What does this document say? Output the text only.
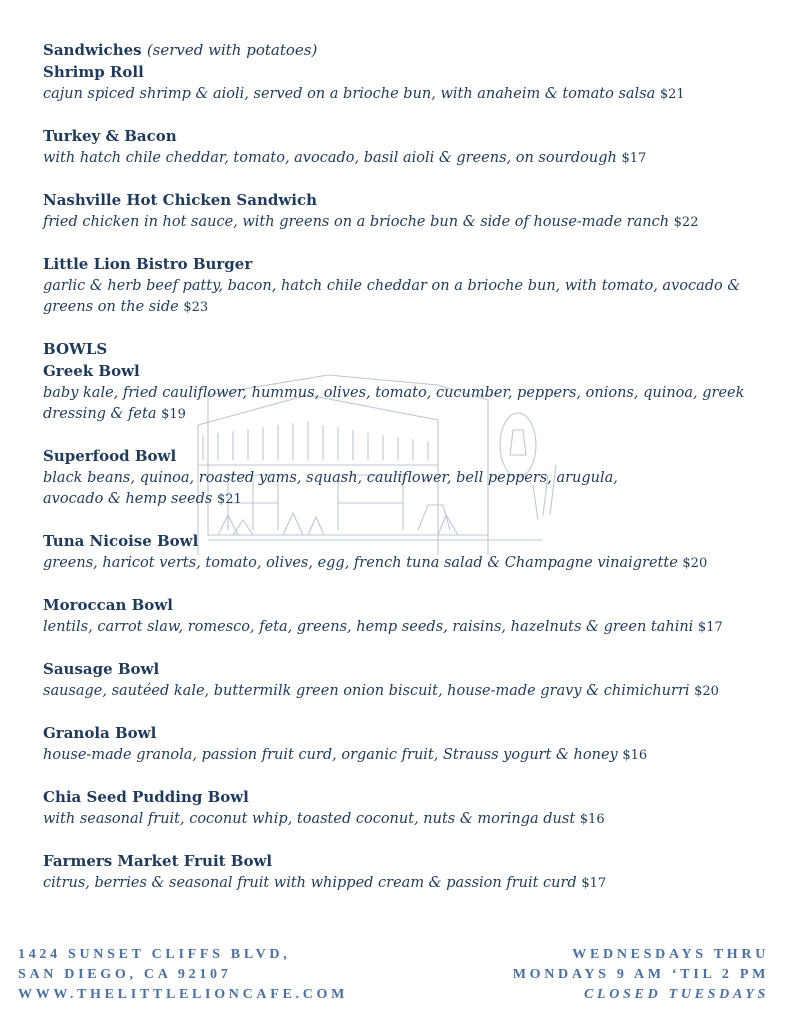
Sandwiches (served with potatoes)

Shrimp Roll

cajun spiced shrimp & aioli, served on a brioche bun, with anaheim & tomato salsa $21

Turkey & Bacon

with hatch chile cheddar, tomato, avocado, basil aioli & greens, on sourdough $17

Nashville Hot Chicken Sandwich

fried chicken in hot sauce, with greens on a brioche bun & side of house-made ranch $22

Little Lion Bistro Burger

garlic & herb beef patty, bacon, hatch chile cheddar on a brioche bun, with tomato, avocado & greens on the side $23

BOWLS

Greek Bowl

baby kale, fried cauliflower, hummus, olives, tomato, cucumber, peppers, onions, quinoa, greek dressing & feta $19

Superfood Bowl

black beans, quinoa, roasted yams, squash, cauliflower, bell peppers, arugula, avocado & hemp seeds $21

Tuna Nicoise Bowl

greens, haricot verts, tomato, olives, egg, french tuna salad & Champagne vinaigrette $20

Moroccan Bowl

lentils, carrot slaw, romesco, feta, greens, hemp seeds, raisins, hazelnuts & green tahini $17

Sausage Bowl

sausage, sautéed kale, buttermilk green onion biscuit, house-made gravy & chimichurri $20

Granola Bowl

house-made granola, passion fruit curd, organic fruit, Strauss yogurt & honey $16

Chia Seed Pudding Bowl

with seasonal fruit, coconut whip, toasted coconut, nuts & moringa dust $16

Farmers Market Fruit Bowl

citrus, berries & seasonal fruit with whipped cream & passion fruit curd $17

1424 SUNSET CLIFFS BLVD,
SAN DIEGO, CA 92107
WWW.THELITTLELIONCAFE.COM
WEDNESDAYS THRU
MONDAYS 9 AM ‘TIL 2 PM
CLOSED TUESDAYS
